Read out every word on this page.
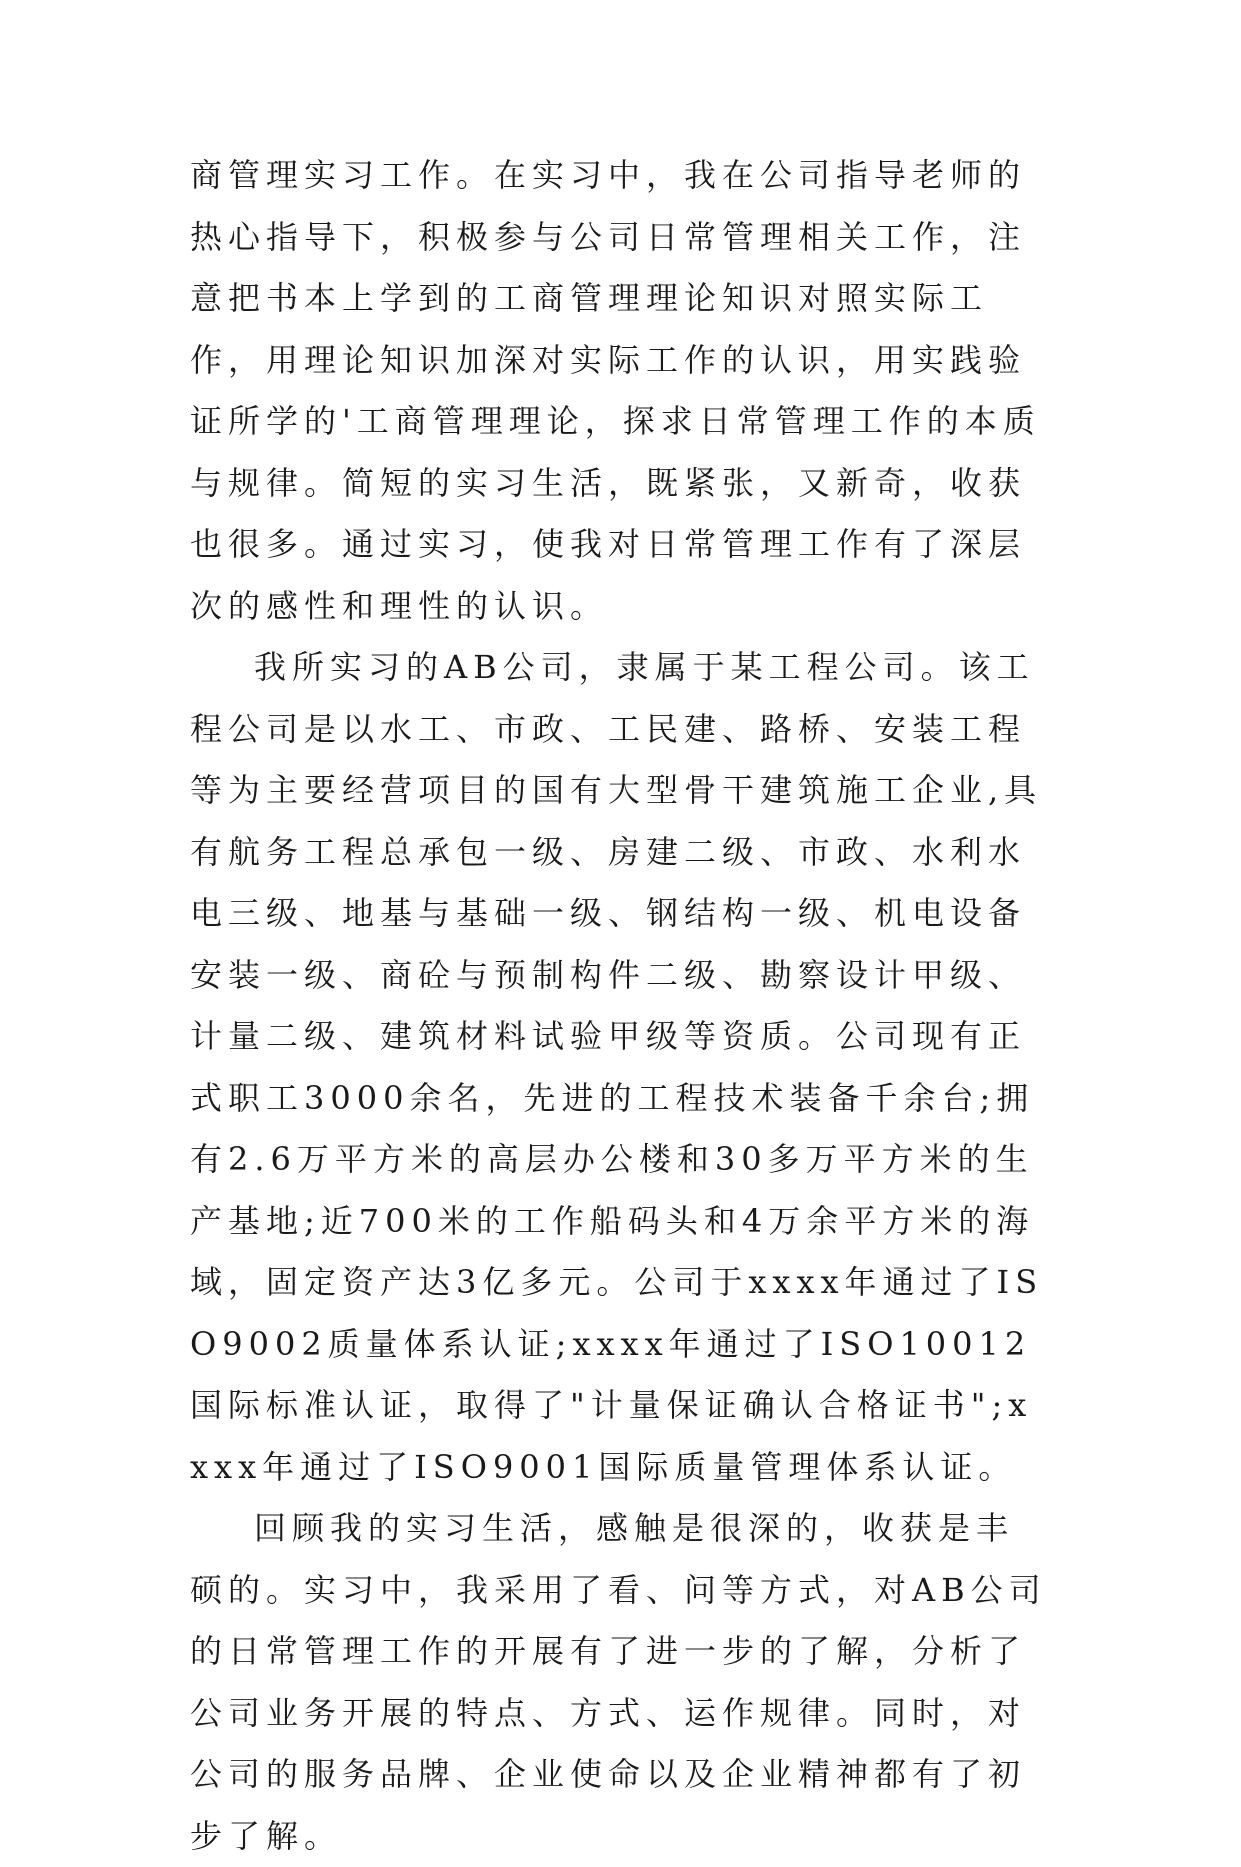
商管理实习工作。在实习中，我在公司指导老师的热心指导下，积极参与公司日常管理相关工作，注意把书本上学到的工商管理理论知识对照实际工作，用理论知识加深对实际工作的认识，用实践验证所学的'工商管理理论，探求日常管理工作的本质与规律。简短的实习生活，既紧张，又新奇，收获也很多。通过实习，使我对日常管理工作有了深层次的感性和理性的认识。

我所实习的AB公司，隶属于某工程公司。该工程公司是以水工、市政、工民建、路桥、安装工程等为主要经营项目的国有大型骨干建筑施工企业,具有航务工程总承包一级、房建二级、市政、水利水电三级、地基与基础一级、钢结构一级、机电设备安装一级、商砼与预制构件二级、勘察设计甲级、计量二级、建筑材料试验甲级等资质。公司现有正式职工3000余名，先进的工程技术装备千余台;拥有2.6万平方米的高层办公楼和30多万平方米的生产基地;近700米的工作船码头和4万余平方米的海域，固定资产达3亿多元。公司于xxxx年通过了ISO9002质量体系认证;xxxx年通过了ISO10012国际标准认证，取得了"计量保证确认合格证书";xxxx年通过了ISO9001国际质量管理体系认证。

回顾我的实习生活，感触是很深的，收获是丰硕的。实习中，我采用了看、问等方式，对AB公司的日常管理工作的开展有了进一步的了解，分析了公司业务开展的特点、方式、运作规律。同时，对公司的服务品牌、企业使命以及企业精神都有了初步了解。
